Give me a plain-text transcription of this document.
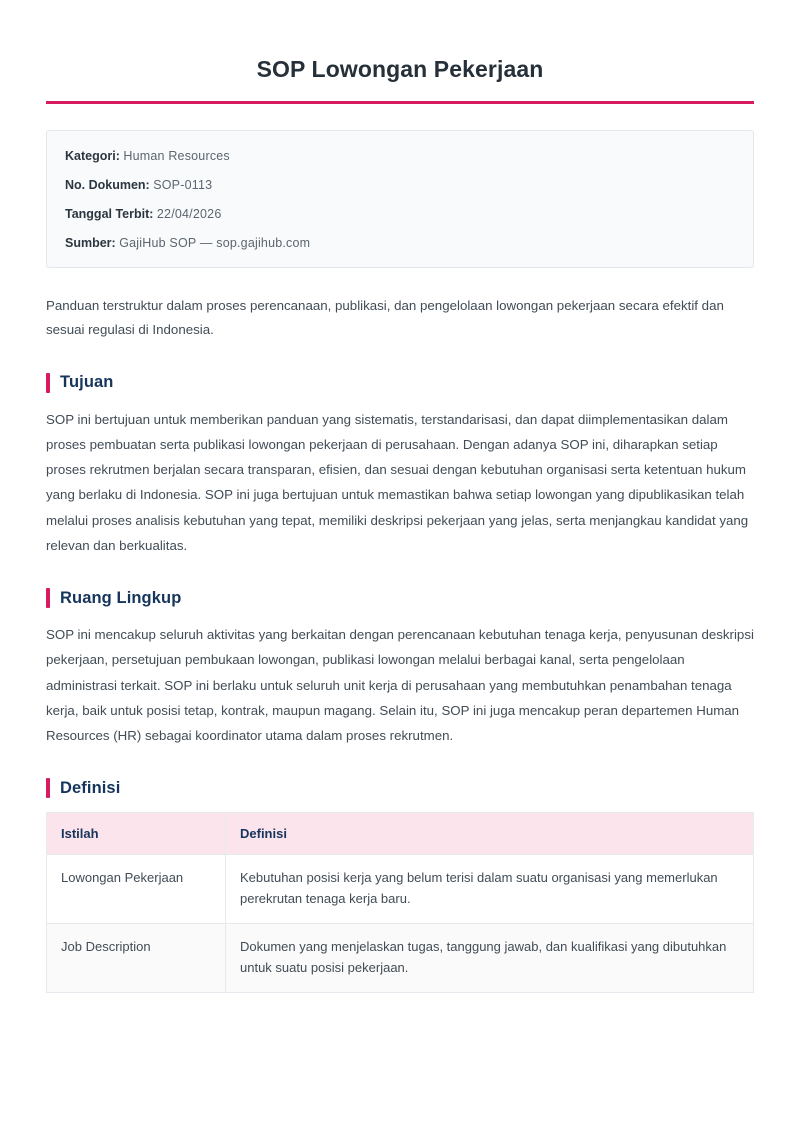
SOP Lowongan Pekerjaan
Kategori: Human Resources
No. Dokumen: SOP-0113
Tanggal Terbit: 22/04/2026
Sumber: GajiHub SOP — sop.gajihub.com

Panduan terstruktur dalam proses perencanaan, publikasi, dan pengelolaan lowongan pekerjaan secara efektif dan sesuai regulasi di Indonesia.

Tujuan

SOP ini bertujuan untuk memberikan panduan yang sistematis, terstandarisasi, dan dapat diimplementasikan dalam proses pembuatan serta publikasi lowongan pekerjaan di perusahaan. Dengan adanya SOP ini, diharapkan setiap proses rekrutmen berjalan secara transparan, efisien, dan sesuai dengan kebutuhan organisasi serta ketentuan hukum yang berlaku di Indonesia. SOP ini juga bertujuan untuk memastikan bahwa setiap lowongan yang dipublikasikan telah melalui proses analisis kebutuhan yang tepat, memiliki deskripsi pekerjaan yang jelas, serta menjangkau kandidat yang relevan dan berkualitas.

Ruang Lingkup

SOP ini mencakup seluruh aktivitas yang berkaitan dengan perencanaan kebutuhan tenaga kerja, penyusunan deskripsi pekerjaan, persetujuan pembukaan lowongan, publikasi lowongan melalui berbagai kanal, serta pengelolaan administrasi terkait. SOP ini berlaku untuk seluruh unit kerja di perusahaan yang membutuhkan penambahan tenaga kerja, baik untuk posisi tetap, kontrak, maupun magang. Selain itu, SOP ini juga mencakup peran departemen Human Resources (HR) sebagai koordinator utama dalam proses rekrutmen.

Definisi
Istilah	Definisi
Lowongan Pekerjaan	Kebutuhan posisi kerja yang belum terisi dalam suatu organisasi yang memerlukan perekrutan tenaga kerja baru.
Job Description	Dokumen yang menjelaskan tugas, tanggung jawab, dan kualifikasi yang dibutuhkan untuk suatu posisi pekerjaan.
